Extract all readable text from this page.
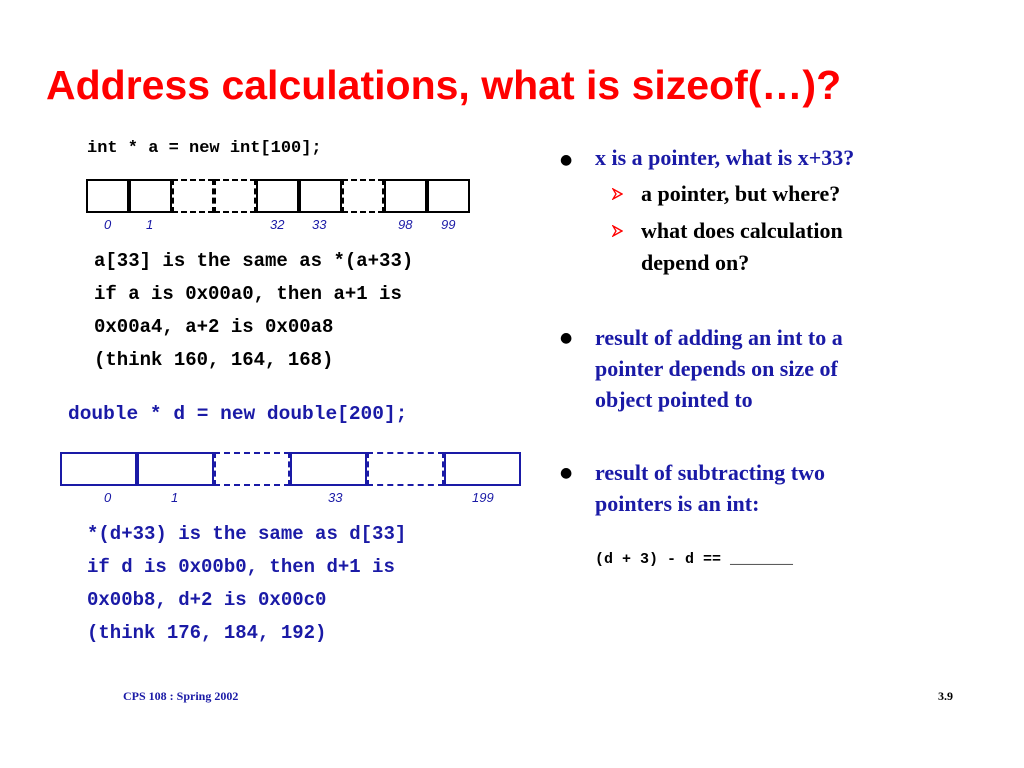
Address calculations, what is sizeof(…)?
int * a = new int[100];
0	1	32 33	98 99
a[33] is the same as *(a+33)
if a is 0x00a0, then a+1 is
0x00a4, a+2 is 0x00a8
(think 160, 164, 168)
double * d = new double[200];
0	1	33	199
*(d+33) is the same as d[33]
if d is 0x00b0, then d+1 is
0x00b8, d+2 is 0x00c0
(think 176, 184, 192)
● x is a pointer, what is x+33?
a pointer, but where?
what does calculation
depend on?
● result of adding an int to a
pointer depends on size of
object pointed to
● result of subtracting two
pointers is an int:
(d + 3) - d == _______
CPS 108 : Spring 2002	3.9
